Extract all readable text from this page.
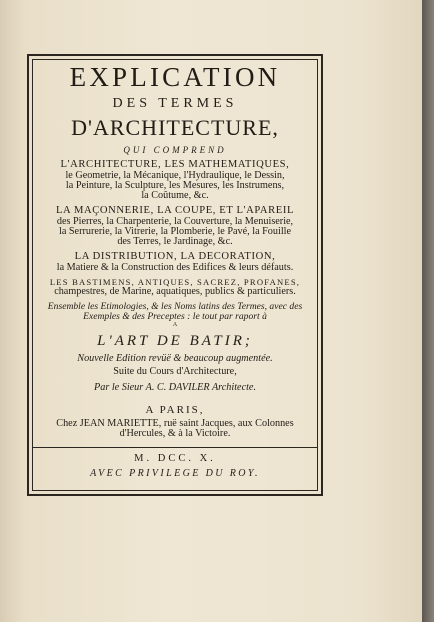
EXPLICATION
DES TERMES
D'ARCHITECTURE,
QUI COMPREND
L'ARCHITECTURE, LES MATHEMATIQUES,
le Geometrie, la Mécanique, l'Hydraulique, le Dessin,
la Peinture, la Sculpture, les Mesures, les Instrumens,
la Coûtume, &c.
LA MAÇONNERIE, LA COUPE, ET L'APAREIL
des Pierres, la Charpenterie, la Couverture, la Menuiserie,
la Serrurerie, la Vitrerie, la Plomberie, le Pavé, la Fouille
des Terres, le Jardinage, &c.
LA DISTRIBUTION, LA DECORATION,
la Matiere & la Construction des Edifices & leurs défauts.
LES BASTIMENS, ANTIQUES, SACREZ, PROFANES,
champestres, de Marine, aquatiques, publics & particuliers.
Ensemble les Etimologies, & les Noms latins des Termes, avec des
Exemples & des Preceptes : le tout par raport à
A
L'ART DE BATIR;
Nouvelle Edition revüë & beaucoup augmentée.
Suite du Cours d'Architecture,
Par le Sieur A. C. DAVILER Architecte.
A PARIS,
Chez JEAN MARIETTE, ruë saint Jacques, aux Colonnes
d'Hercules, & à la Victoire.
M. DCC. X.
AVEC PRIVILEGE DU ROY.
